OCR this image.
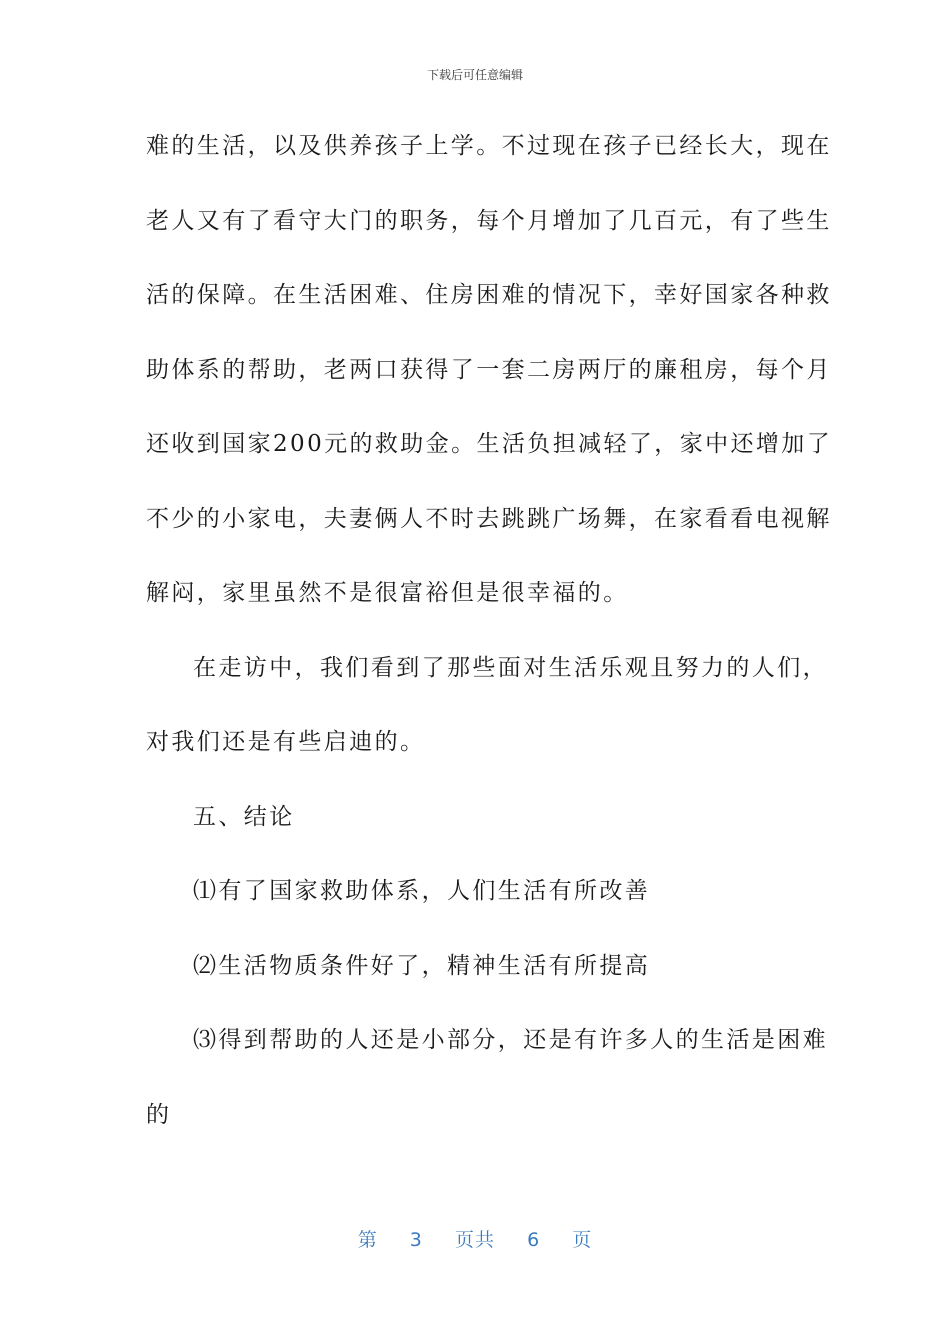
下载后可任意编辑
难的生活，以及供养孩子上学。不过现在孩子已经长大，现在
老人又有了看守大门的职务，每个月增加了几百元，有了些生
活的保障。在生活困难、住房困难的情况下，幸好国家各种救
助体系的帮助，老两口获得了一套二房两厅的廉租房，每个月
还收到国家200元的救助金。生活负担减轻了，家中还增加了
不少的小家电，夫妻俩人不时去跳跳广场舞，在家看看电视解
解闷，家里虽然不是很富裕但是很幸福的。
在走访中，我们看到了那些面对生活乐观且努力的人们，
对我们还是有些启迪的。
五、结论
⑴有了国家救助体系，人们生活有所改善
⑵生活物质条件好了，精神生活有所提高
⑶得到帮助的人还是小部分，还是有许多人的生活是困难
的
第 3 页共 6 页
